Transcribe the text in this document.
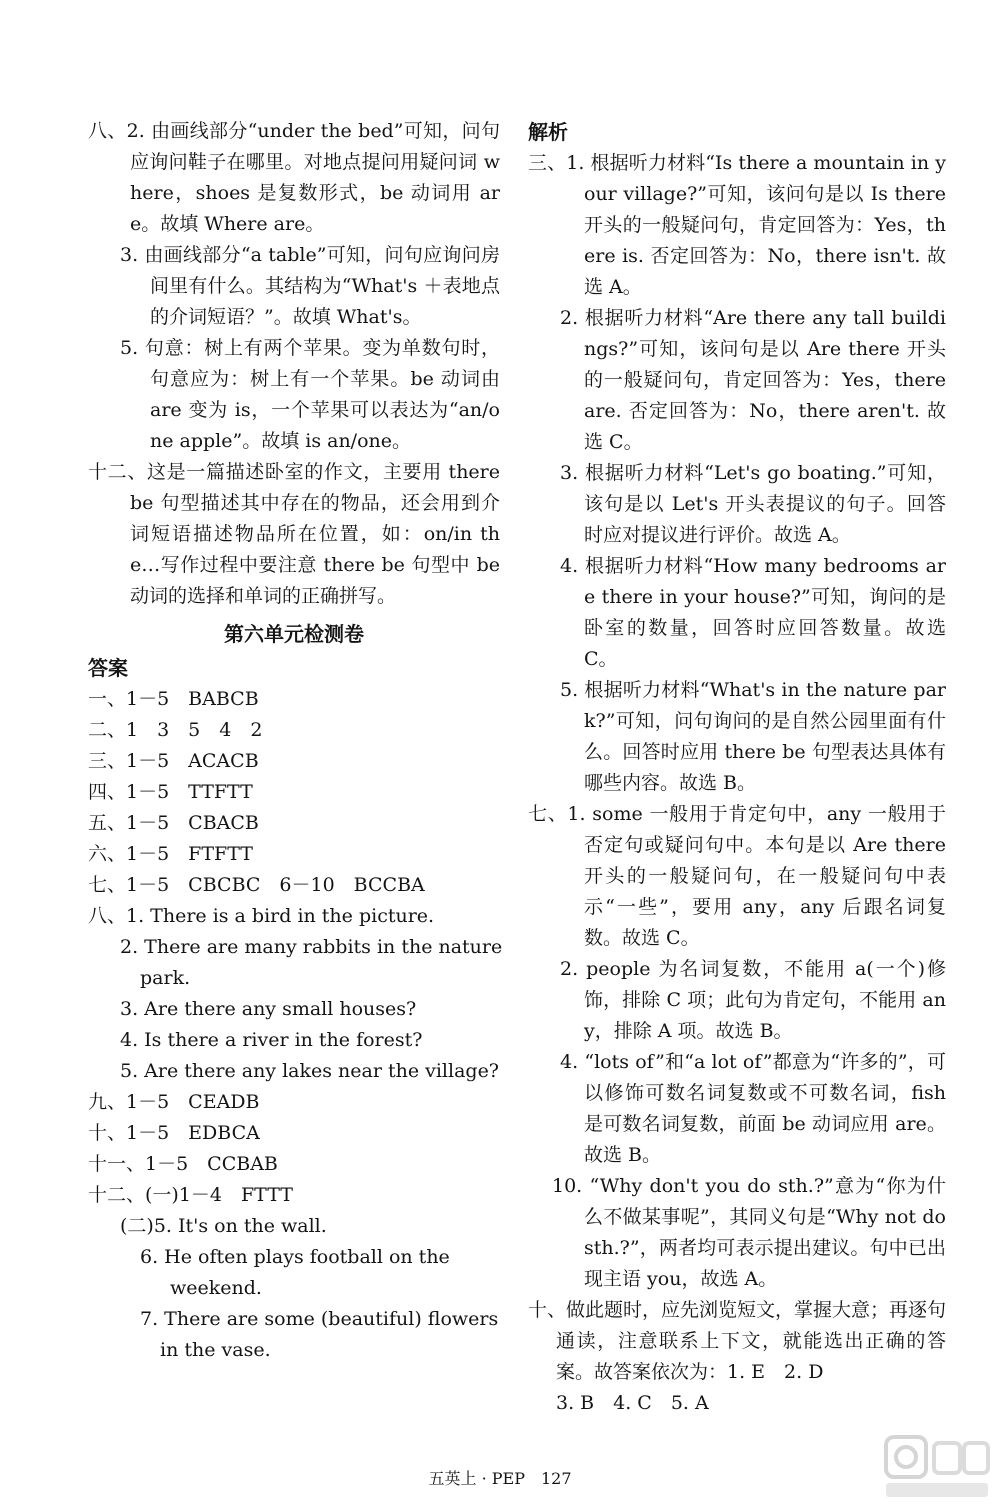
八、2. 由画线部分“under the bed”可知，问句应询问鞋子在哪里。对地点提问用疑问词 where，shoes 是复数形式，be 动词用 are。故填 Where are。

3. 由画线部分“a table”可知，问句应询问房间里有什么。其结构为“What's ＋表地点的介词短语？”。故填 What's。

5. 句意：树上有两个苹果。变为单数句时，句意应为：树上有一个苹果。be 动词由 are 变为 is，一个苹果可以表达为“an/one apple”。故填 is an/one。

十二、这是一篇描述卧室的作文，主要用 there be 句型描述其中存在的物品，还会用到介词短语描述物品所在位置，如：on/in the…写作过程中要注意 there be 句型中 be 动词的选择和单词的正确拼写。

第六单元检测卷

答案

一、1－5　BABCB

二、1　3　5　4　2

三、1－5　ACACB

四、1－5　TTFTT

五、1－5　CBACB

六、1－5　FTFTT

七、1－5　CBCBC　6－10　BCCBA

八、1. There is a bird in the picture.

2. There are many rabbits in the nature

park.

3. Are there any small houses?

4. Is there a river in the forest?

5. Are there any lakes near the village?

九、1－5　CEADB

十、1－5　EDBCA

十一、1－5　CCBAB

十二、(一)1－4　FTTT

(二)5. It's on the wall.

6. He often plays football on the

weekend.

7. There are some (beautiful) flowers

in the vase.

解析

三、1. 根据听力材料“Is there a mountain in your village?”可知，该问句是以 Is there 开头的一般疑问句，肯定回答为：Yes，there is. 否定回答为：No，there isn't. 故选 A。

2. 根据听力材料“Are there any tall buildings?”可知，该问句是以 Are there 开头的一般疑问句，肯定回答为：Yes，there are. 否定回答为：No，there aren't. 故选 C。

3. 根据听力材料“Let's go boating.”可知，该句是以 Let's 开头表提议的句子。回答时应对提议进行评价。故选 A。

4. 根据听力材料“How many bedrooms are there in your house?”可知，询问的是卧室的数量，回答时应回答数量。故选 C。

5. 根据听力材料“What's in the nature park?”可知，问句询问的是自然公园里面有什么。回答时应用 there be 句型表达具体有哪些内容。故选 B。

七、1. some 一般用于肯定句中，any 一般用于否定句或疑问句中。本句是以 Are there 开头的一般疑问句，在一般疑问句中表示“一些”，要用 any，any 后跟名词复数。故选 C。

2. people 为名词复数，不能用 a(一个)修饰，排除 C 项；此句为肯定句，不能用 any，排除 A 项。故选 B。

4. “lots of”和“a lot of”都意为“许多的”，可以修饰可数名词复数或不可数名词，fish 是可数名词复数，前面 be 动词应用 are。故选 B。

10. “Why don't you do sth.?”意为“你为什么不做某事呢”，其同义句是“Why not do sth.?”，两者均可表示提出建议。句中已出现主语 you，故选 A。

十、做此题时，应先浏览短文，掌握大意；再逐句通读，注意联系上下文，就能选出正确的答案。故答案依次为：1. E　2. D

3. B　4. C　5. A

五英上 · PEP　127
